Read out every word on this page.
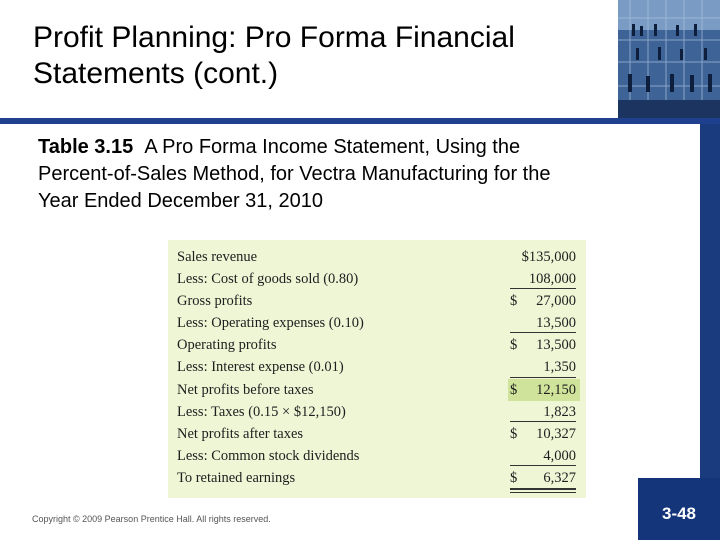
Profit Planning: Pro Forma Financial
Statements (cont.)
Table 3.15 A Pro Forma Income Statement, Using the
Percent-of-Sales Method, for Vectra Manufacturing for the
Year Ended December 31, 2010
Sales revenue	$135,000
Less: Cost of goods sold (0.80)	108,000
Gross profits	$ 27,000
Less: Operating expenses (0.10)	13,500
Operating profits	$ 13,500
Less: Interest expense (0.01)	1,350
Net profits before taxes	$ 12,150
Less: Taxes (0.15 × $12,150)	1,823
Net profits after taxes	$ 10,327
Less: Common stock dividends	4,000
To retained earnings	$ 6,327
Copyright © 2009 Pearson Prentice Hall. All rights reserved.	3-48
